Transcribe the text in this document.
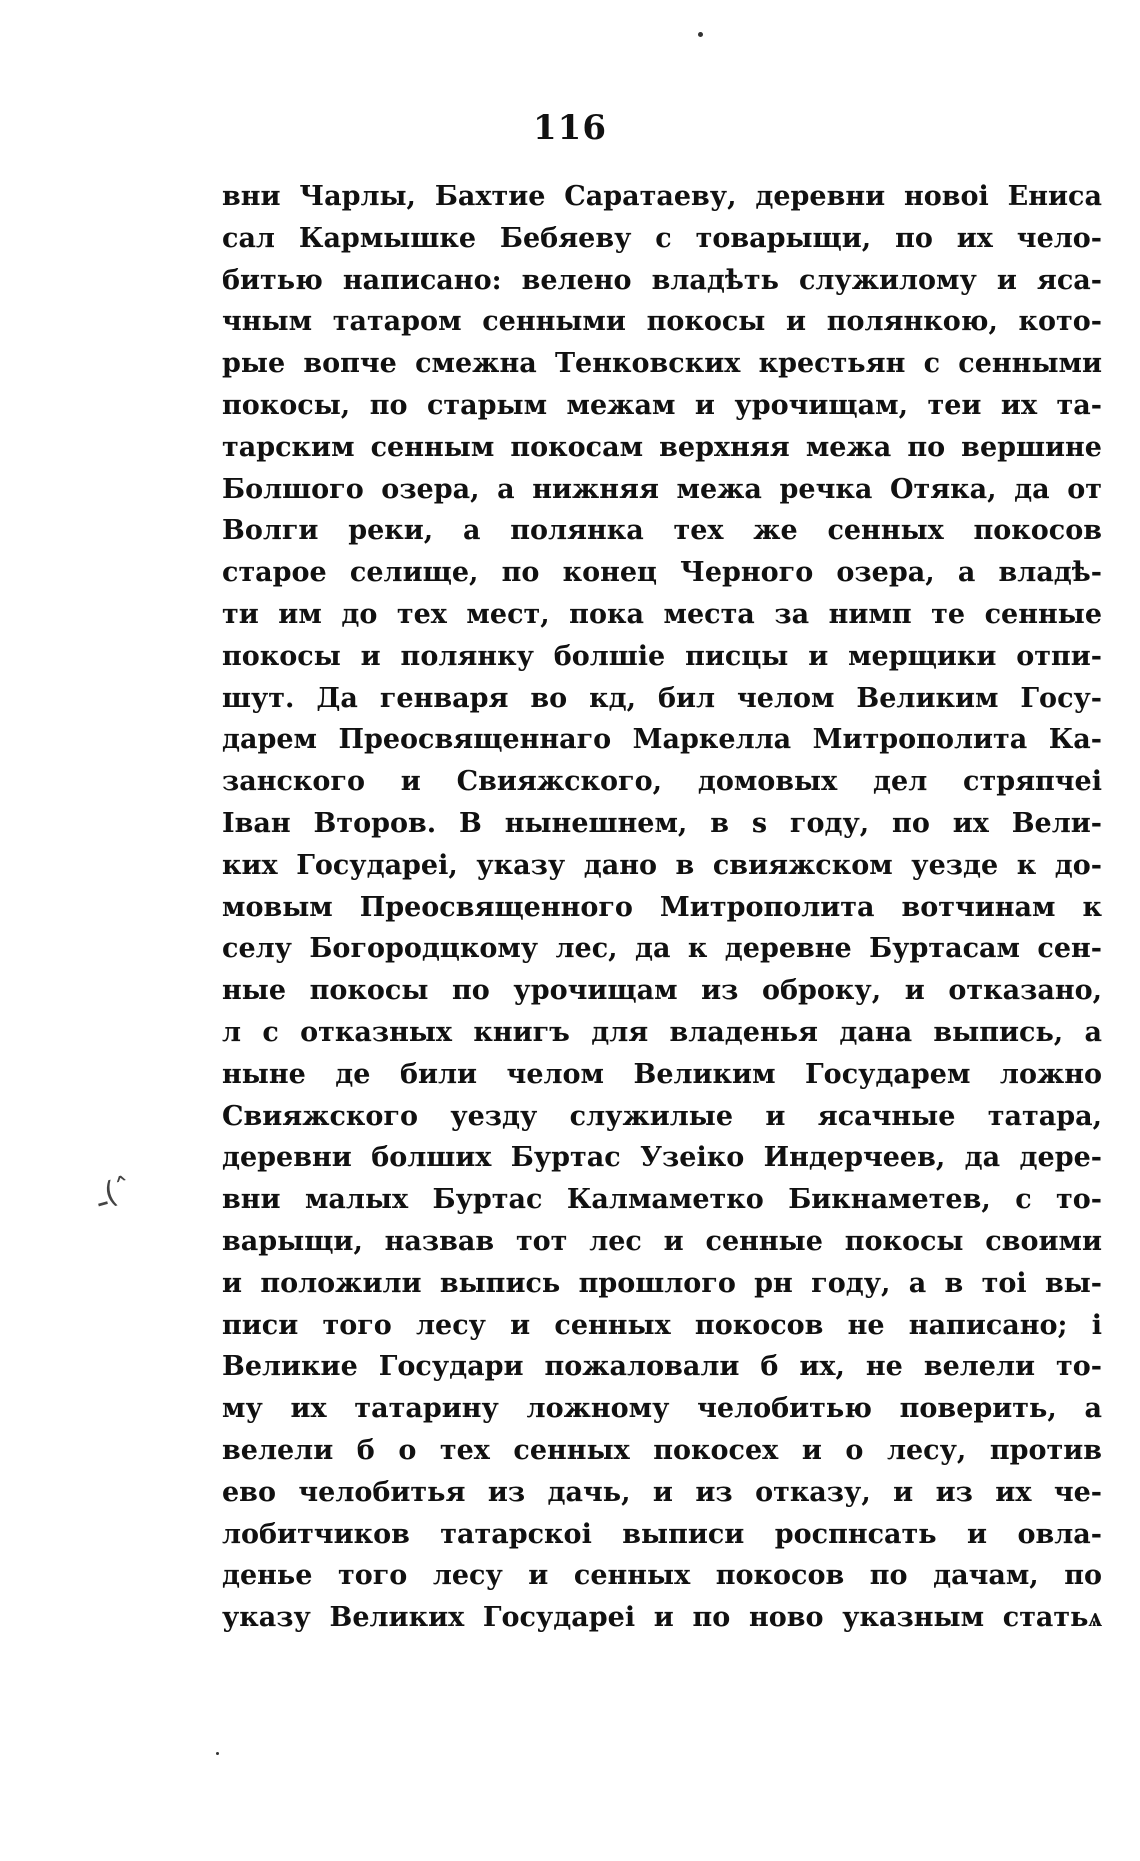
116
ـ(ˆ
вни Чарлы, Бахтие Саратаеву, деревни новоі Ениса
сал Кармышке Бебяеву с товарыщи, по их чело-
битью написано: велено владѣть служилому и яса-
чным татаром сенными покосы и полянкою, кото-
рые вопче смежна Тенковских крестьян с сенными
покосы, по старым межам и урочищам, теи их та-
тарским сенным покосам верхняя межа по вершине
Болшого озера, а нижняя межа речка Отяка, да от
Волги реки, а полянка тех же сенных покосов
старое селище, по конец Черного озера, а владѣ-
ти им до тех мест, пока места за нимп те сенные
покосы и полянку болшіе писцы и мерщики отпи-
шут. Да генваря во кд, бил челом Великим Госу-
дарем Преосвященнаго Маркелла Митрополита Ка-
занского и Свияжского, домовых дел стряпчеі
Іван Второв. В нынешнем, в ѕ году, по их Вели-
ких Государеі, указу дано в свияжском уезде к до-
мовым Преосвященного Митрополита вотчинам к
селу Богородцкому лес, да к деревне Буртасам сен-
ные покосы по урочищам из оброку, и отказано,
л с отказных книгъ для владенья дана выпись, а
ныне де били челом Великим Государем ложно
Свияжского уезду служилые и ясачные татара,
деревни болших Буртас Узеіко Индерчеев, да дере-
вни малых Буртас Калмаметко Бикнаметев, с то-
варыщи, назвав тот лес и сенные покосы своими
и положили выпись прошлого рн году, а в тоі вы-
писи того лесу и сенных покосов не написано; і
Великие Государи пожаловали б их, не велели то-
му их татарину ложному челобитью поверить, а
велели б о тех сенных покосех и о лесу, против
ево челобитья из дачь, и из отказу, и из их че-
лобитчиков татарскоі выписи роспнсать и овла-
денье того лесу и сенных покосов по дачам, по
указу Великих Государеі и по ново указным статьѧ
